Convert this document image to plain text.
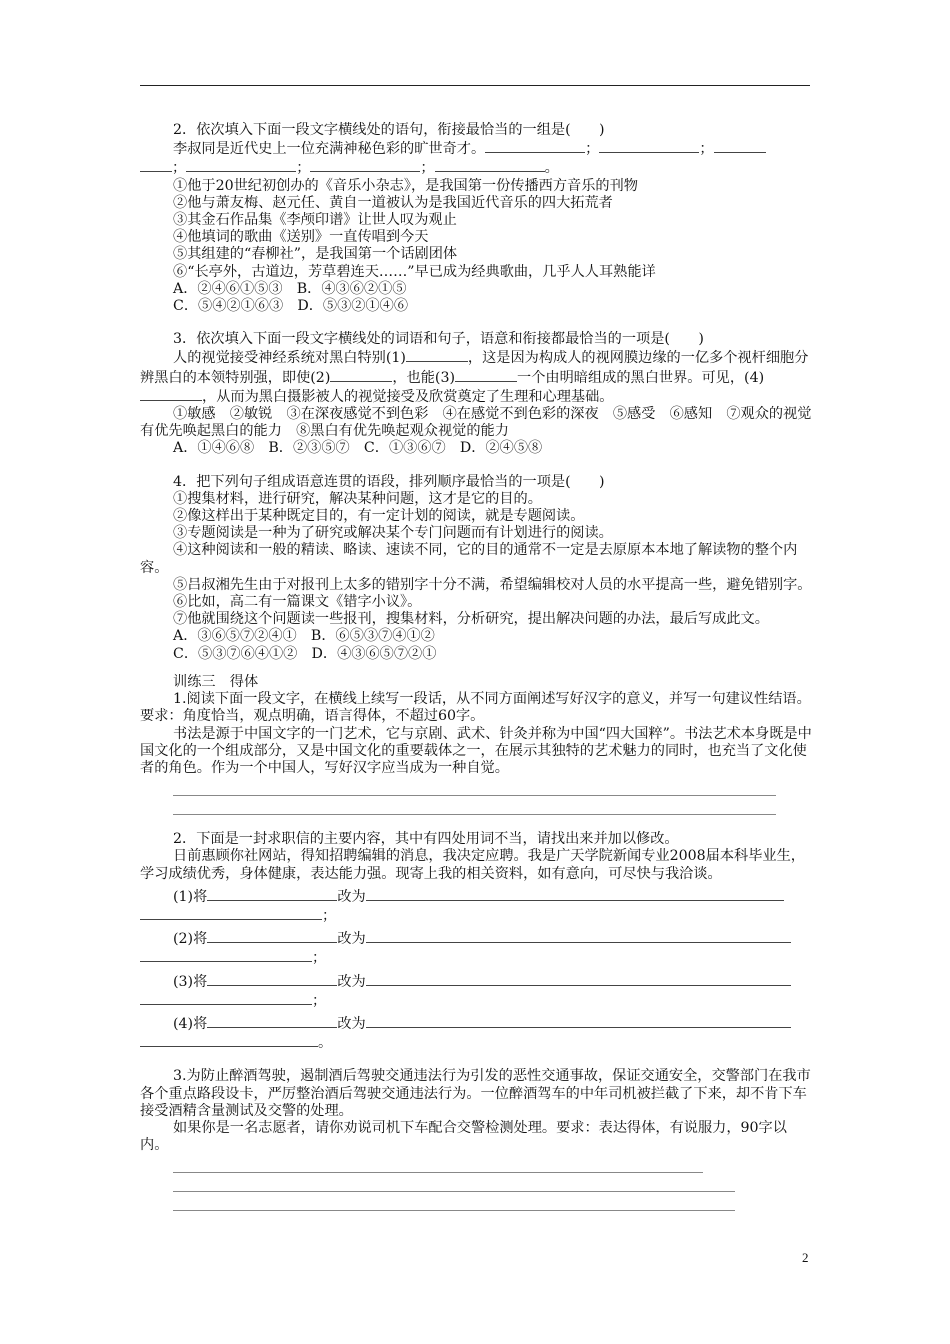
2．依次填入下面一段文字横线处的语句，衔接最恰当的一组是(　　)

李叔同是近代史上一位充满神秘色彩的旷世奇才。	；	；

；	；	；	。

①他于20世纪初创办的《音乐小杂志》，是我国第一份传播西方音乐的刊物

②他与萧友梅、赵元任、黄自一道被认为是我国近代音乐的四大拓荒者

③其金石作品集《李颅印谱》让世人叹为观止

④他填词的歌曲《送别》一直传唱到今天

⑤其组建的“春柳社”，是我国第一个话剧团体

⑥“长亭外，古道边，芳草碧连天……”早已成为经典歌曲，几乎人人耳熟能详

A．②④⑥①⑤③　B．④③⑥②①⑤

C．⑤④②①⑥③　D．⑤③②①④⑥

3．依次填入下面一段文字横线处的词语和句子，语意和衔接都最恰当的一项是(　　)

人的视觉接受神经系统对黑白特别(1)	，这是因为构成人的视网膜边缘的一亿多个视杆细胞分辨黑白的本领特别强，即使(2)	，也能(3)	一个由明暗组成的黑白世界。可见，(4)，从而为黑白摄影被人的视觉接受及欣赏奠定了生理和心理基础。

①敏感　②敏锐　③在深夜感觉不到色彩　④在感觉不到色彩的深夜　⑤感受　⑥感知　⑦观众的视觉有优先唤起黑白的能力　⑧黑白有优先唤起观众视觉的能力

A．①④⑥⑧　B．②③⑤⑦　C．①③⑥⑦　D．②④⑤⑧

4．把下列句子组成语意连贯的语段，排列顺序最恰当的一项是(　　)

①搜集材料，进行研究，解决某种问题，这才是它的目的。

②像这样出于某种既定目的，有一定计划的阅读，就是专题阅读。

③专题阅读是一种为了研究或解决某个专门问题而有计划进行的阅读。

④这种阅读和一般的精读、略读、速读不同，它的目的通常不一定是去原原本本地了解读物的整个内容。

⑤吕叔湘先生由于对报刊上太多的错别字十分不满，希望编辑校对人员的水平提高一些，避免错别字。

⑥比如，高二有一篇课文《错字小议》。

⑦他就围绕这个问题读一些报刊，搜集材料，分析研究，提出解决问题的办法，最后写成此文。

A．③⑥⑤⑦②④①　B．⑥⑤③⑦④①②

C．⑤③⑦⑥④①②　D．④③⑥⑤⑦②①

训练三　得体

1.阅读下面一段文字，在横线上续写一段话，从不同方面阐述写好汉字的意义，并写一句建议性结语。要求：角度恰当，观点明确，语言得体，不超过60字。

书法是源于中国文字的一门艺术，它与京剧、武术、针灸并称为中国“四大国粹”。书法艺术本身既是中国文化的一个组成部分，又是中国文化的重要载体之一，在展示其独特的艺术魅力的同时，也充当了文化使者的角色。作为一个中国人，写好汉字应当成为一种自觉。

2．下面是一封求职信的主要内容，其中有四处用词不当，请找出来并加以修改。

日前惠顾你社网站，得知招聘编辑的消息，我决定应聘。我是广天学院新闻专业2008届本科毕业生，学习成绩优秀，身体健康，表达能力强。现寄上我的相关资料，如有意向，可尽快与我洽谈。

(1)将	改为

；

(2)将	改为

；

(3)将	改为

；

(4)将	改为

。

3.为防止醉酒驾驶，遏制酒后驾驶交通违法行为引发的恶性交通事故，保证交通安全，交警部门在我市各个重点路段设卡，严厉整治酒后驾驶交通违法行为。一位醉酒驾车的中年司机被拦截了下来，却不肯下车接受酒精含量测试及交警的处理。

如果你是一名志愿者，请你劝说司机下车配合交警检测处理。要求：表达得体，有说服力，90字以内。

2
